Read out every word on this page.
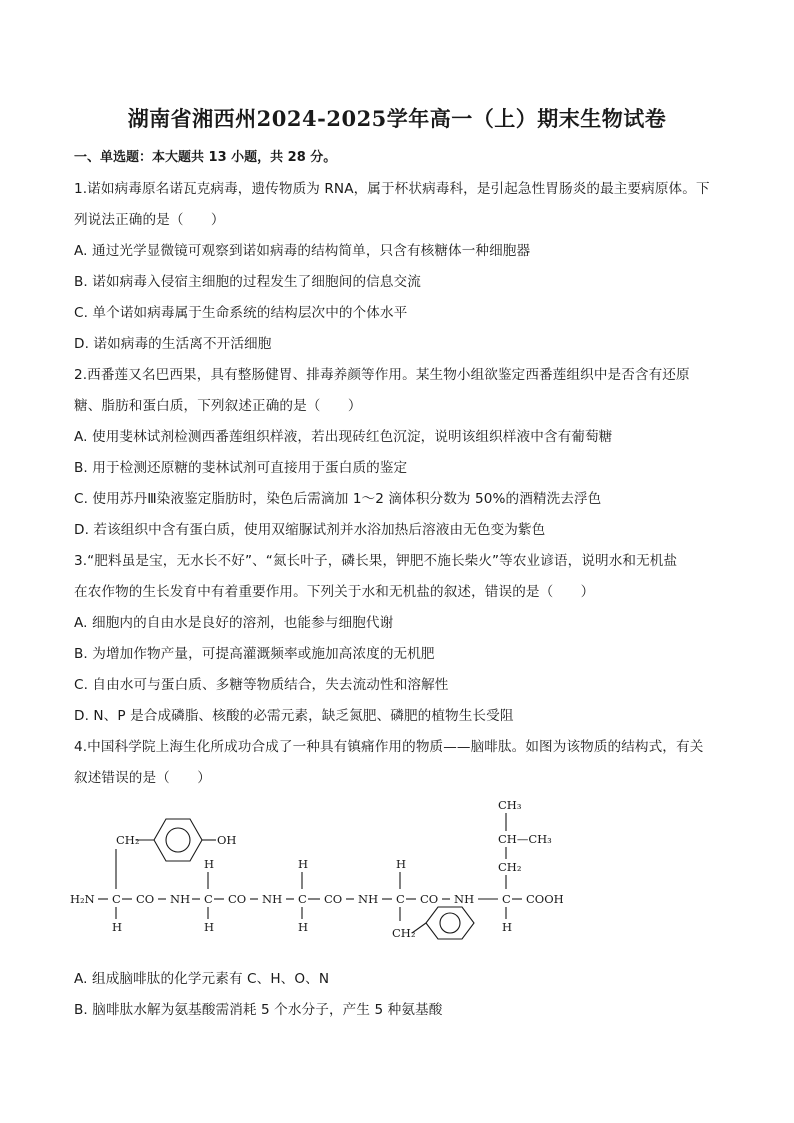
湖南省湘西州2024-2025学年高一（上）期末生物试卷
一、单选题：本大题共 13 小题，共 28 分。
1.诺如病毒原名诺瓦克病毒，遗传物质为 RNA，属于杯状病毒科，是引起急性胃肠炎的最主要病原体。下
列说法正确的是（　　）
A. 通过光学显微镜可观察到诺如病毒的结构简单，只含有核糖体一种细胞器
B. 诺如病毒入侵宿主细胞的过程发生了细胞间的信息交流
C. 单个诺如病毒属于生命系统的结构层次中的个体水平
D. 诺如病毒的生活离不开活细胞
2.西番莲又名巴西果，具有整肠健胃、排毒养颜等作用。某生物小组欲鉴定西番莲组织中是否含有还原
糖、脂肪和蛋白质，下列叙述正确的是（　　）
A. 使用斐林试剂检测西番莲组织样液，若出现砖红色沉淀，说明该组织样液中含有葡萄糖
B. 用于检测还原糖的斐林试剂可直接用于蛋白质的鉴定
C. 使用苏丹Ⅲ染液鉴定脂肪时，染色后需滴加 1～2 滴体积分数为 50%的酒精洗去浮色
D. 若该组织中含有蛋白质，使用双缩脲试剂并水浴加热后溶液由无色变为紫色
3.“肥料虽是宝，无水长不好”、“氮长叶子，磷长果，钾肥不施长柴火”等农业谚语，说明水和无机盐
在农作物的生长发育中有着重要作用。下列关于水和无机盐的叙述，错误的是（　　）
A. 细胞内的自由水是良好的溶剂，也能参与细胞代谢
B. 为增加作物产量，可提高灌溉频率或施加高浓度的无机肥
C. 自由水可与蛋白质、多糖等物质结合，失去流动性和溶解性
D. N、P 是合成磷脂、核酸的必需元素，缺乏氮肥、磷肥的植物生长受阻
4.中国科学院上海生化所成功合成了一种具有镇痛作用的物质——脑啡肽。如图为该物质的结构式，有关
叙述错误的是（　　）
CH₂	OH
H	H	H
CH₃
CH—CH₃
CH₂
H₂N C CO NH C CO NH C CO NH C CO NH C COOH
H	H	H	H
CH₂
A. 组成脑啡肽的化学元素有 C、H、O、N
B. 脑啡肽水解为氨基酸需消耗 5 个水分子，产生 5 种氨基酸
